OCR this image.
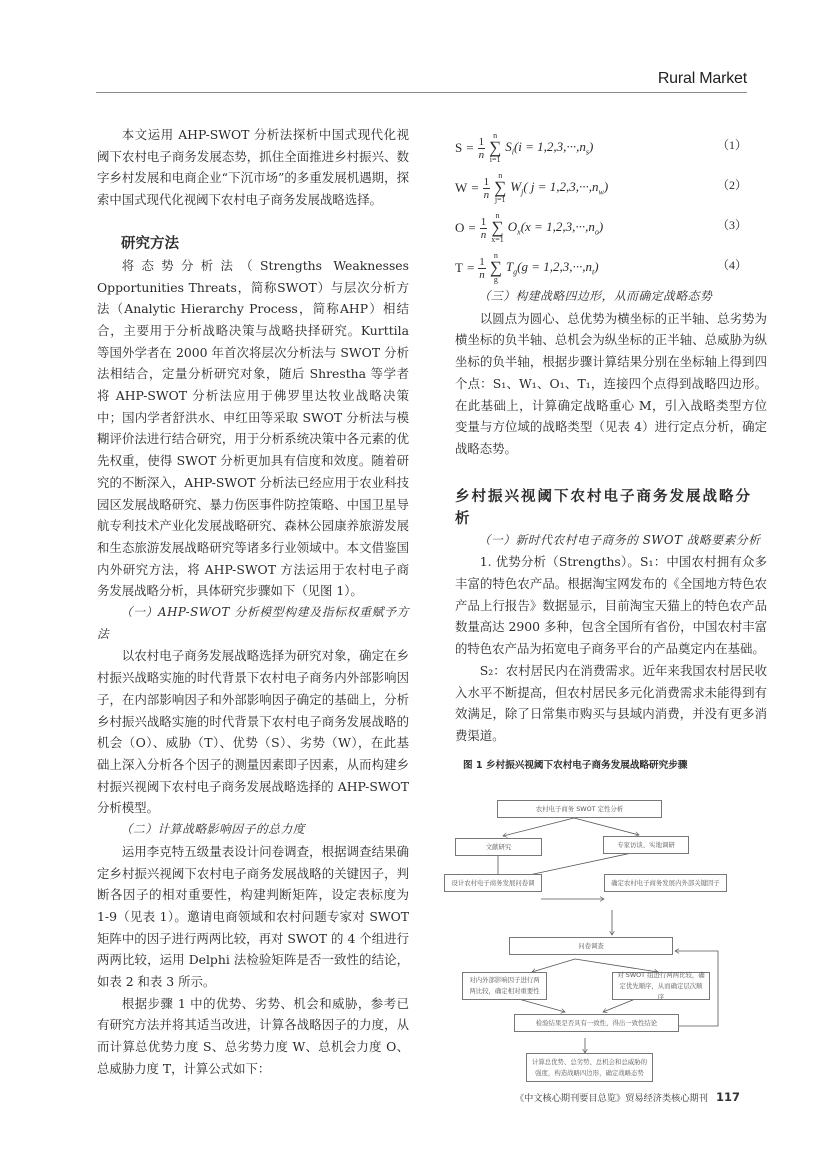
Rural Market

本文运用 AHP-SWOT 分析法探析中国式现代化视阈下农村电子商务发展态势，抓住全面推进乡村振兴、数字乡村发展和电商企业“下沉市场”的多重发展机遇期，探索中国式现代化视阈下农村电子商务发展战略选择。

研究方法

将态势分析法（Strengths Weaknesses Opportunities Threats，简称SWOT）与层次分析方法（Analytic Hierarchy Process，简称AHP）相结合，主要用于分析战略决策与战略抉择研究。Kurttila 等国外学者在 2000 年首次将层次分析法与 SWOT 分析法相结合，定量分析研究对象，随后 Shrestha 等学者将 AHP-SWOT 分析法应用于佛罗里达牧业战略决策中；国内学者舒洪水、申红田等采取 SWOT 分析法与模糊评价法进行结合研究，用于分析系统决策中各元素的优先权重，使得 SWOT 分析更加具有信度和效度。随着研究的不断深入，AHP-SWOT 分析法已经应用于农业科技园区发展战略研究、暴力伤医事件防控策略、中国卫星导航专利技术产业化发展战略研究、森林公园康养旅游发展和生态旅游发展战略研究等诸多行业领域中。本文借鉴国内外研究方法，将 AHP-SWOT 方法运用于农村电子商务发展战略分析，具体研究步骤如下（见图 1）。

（一）AHP-SWOT 分析模型构建及指标权重赋予方法

以农村电子商务发展战略选择为研究对象，确定在乡村振兴战略实施的时代背景下农村电子商务内外部影响因子，在内部影响因子和外部影响因子确定的基础上，分析乡村振兴战略实施的时代背景下农村电子商务发展战略的机会（O）、威胁（T）、优势（S）、劣势（W），在此基础上深入分析各个因子的测量因素即子因素，从而构建乡村振兴视阈下农村电子商务发展战略选择的 AHP-SWOT 分析模型。

（二）计算战略影响因子的总力度

运用李克特五级量表设计问卷调查，根据调查结果确定乡村振兴视阈下农村电子商务发展战略的关键因子，判断各因子的相对重要性，构建判断矩阵，设定表标度为 1-9（见表 1）。邀请电商领域和农村问题专家对 SWOT 矩阵中的因子进行两两比较，再对 SWOT 的 4 个组进行两两比较，运用 Delphi 法检验矩阵是否一致性的结论，如表 2 和表 3 所示。

根据步骤 1 中的优势、劣势、机会和威胁，参考已有研究方法并将其适当改进，计算各战略因子的力度，从而计算总优势力度 S、总劣势力度 W、总机会力度 O、总威胁力度 T，计算公式如下：

$S = \frac{1}{n}$ n
∑
i=1
$S_i(i = 1,2,3,\cdot\cdot\cdot,n_s)$	（1）
$W = \frac{1}{n}$ n
∑
j=1
$W_j$( $j = 1,2,3,\cdot\cdot\cdot,n_w$)	（2）
$O = \frac{1}{n}$ n
∑
x=1
$O_x(x = 1,2,3,\cdot\cdot\cdot,n_o)$	（3）
$T = \frac{1}{n}$ n
∑
g
$T_g(g = 1,2,3,\cdot\cdot\cdot,n_t)$	（4）

（三）构建战略四边形，从而确定战略态势

以圆点为圆心、总优势为横坐标的正半轴、总劣势为横坐标的负半轴、总机会为纵坐标的正半轴、总威胁为纵坐标的负半轴，根据步骤计算结果分别在坐标轴上得到四个点：S₁、W₁、O₁、T₁，连接四个点得到战略四边形。在此基础上，计算确定战略重心 M，引入战略类型方位变量与方位域的战略类型（见表 4）进行定点分析，确定战略态势。

乡村振兴视阈下农村电子商务发展战略分析

（一）新时代农村电子商务的 SWOT 战略要素分析

1. 优势分析（Strengths）。S₁：中国农村拥有众多丰富的特色农产品。根据淘宝网发布的《全国地方特色农产品上行报告》数据显示，目前淘宝天猫上的特色农产品数量高达 2900 多种，包含全国所有省份，中国农村丰富的特色农产品为拓宽电子商务平台的产品奠定内在基础。

S₂：农村居民内在消费需求。近年来我国农村居民收入水平不断提高，但农村居民多元化消费需求未能得到有效满足，除了日常集市购买与县域内消费，并没有更多消费渠道。

图 1 乡村振兴视阈下农村电子商务发展战略研究步骤
农村电子商务 SWOT 定性分析
文献研究	专家访谈、实地调研
设计农村电子商务发展问卷调	确定农村电子商务发展内外部关键因子
问卷调查
对内外部影响因子进行两两比较，确定相对重要性
对 SWOT 组进行两两比较，确定优先顺序，从而确定层次顺序
检验结果是否具有一致性，得出一致性结论
计算总优势、总劣势、总机会和总威胁的强度，构造战略四边形，确定战略态势
《中文核心期刊要目总览》贸易经济类核心期刊 117
